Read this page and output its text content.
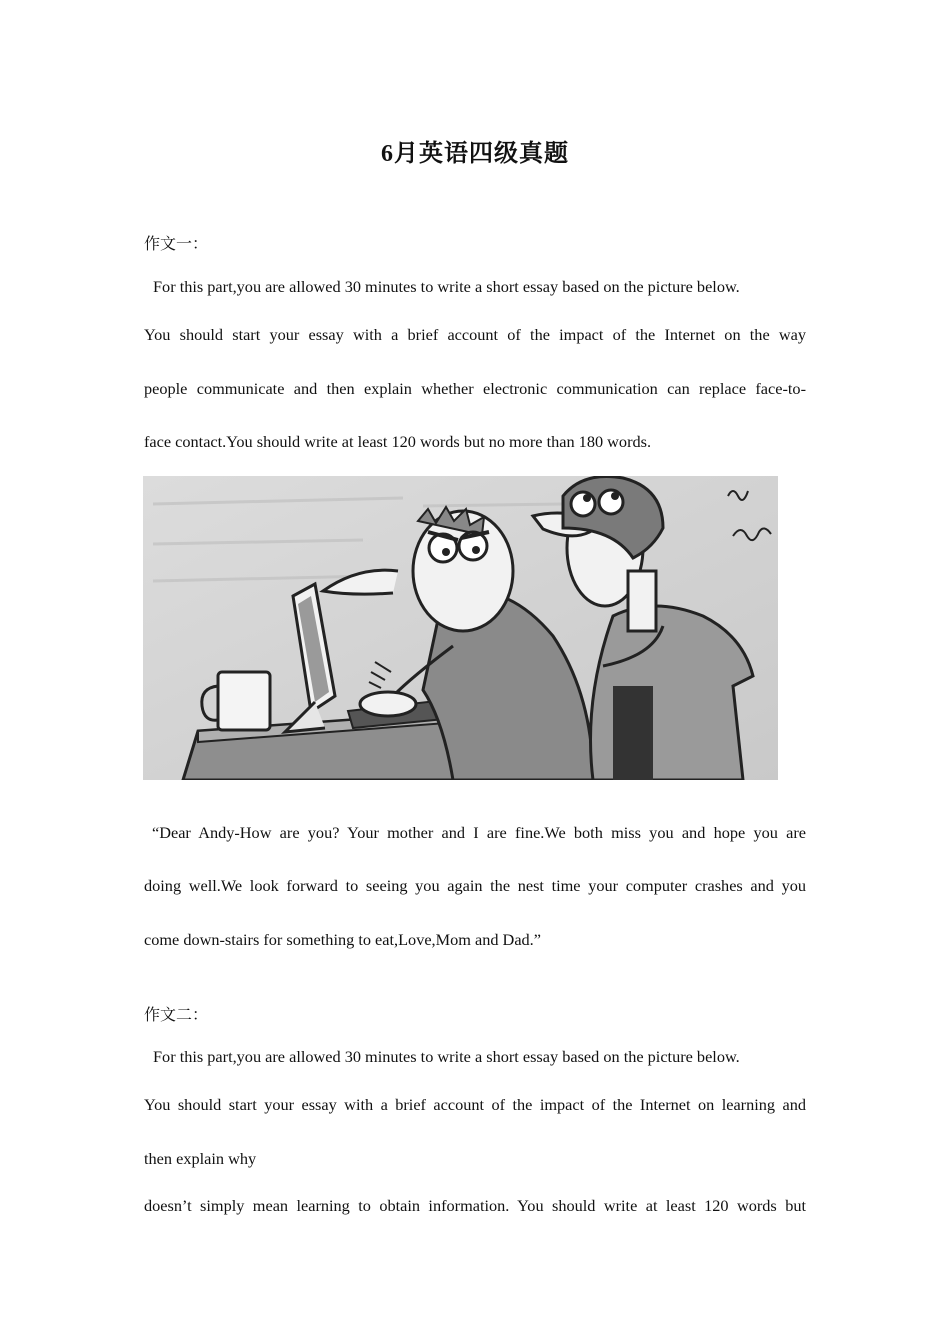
6月英语四级真题
作文一：
For this part,you are allowed 30 minutes to write a short essay based on the picture below.
You should start your essay with a brief account of the impact of the Internet on the way
people communicate and then explain whether electronic communication can replace face-to-
face contact.You should write at least 120 words but no more than 180 words.
“Dear Andy-How are you? Your mother and I are fine.We both miss you and hope you are
doing well.We look forward to seeing you again the nest time your computer crashes and you
come down-stairs for something to eat,Love,Mom and Dad.”
作文二：
For this part,you are allowed 30 minutes to write a short essay based on the picture below.
You should start your essay with a brief account of the impact of the Internet on learning and
then explain why
doesn’t simply mean learning to obtain information. You should write at least 120 words but
